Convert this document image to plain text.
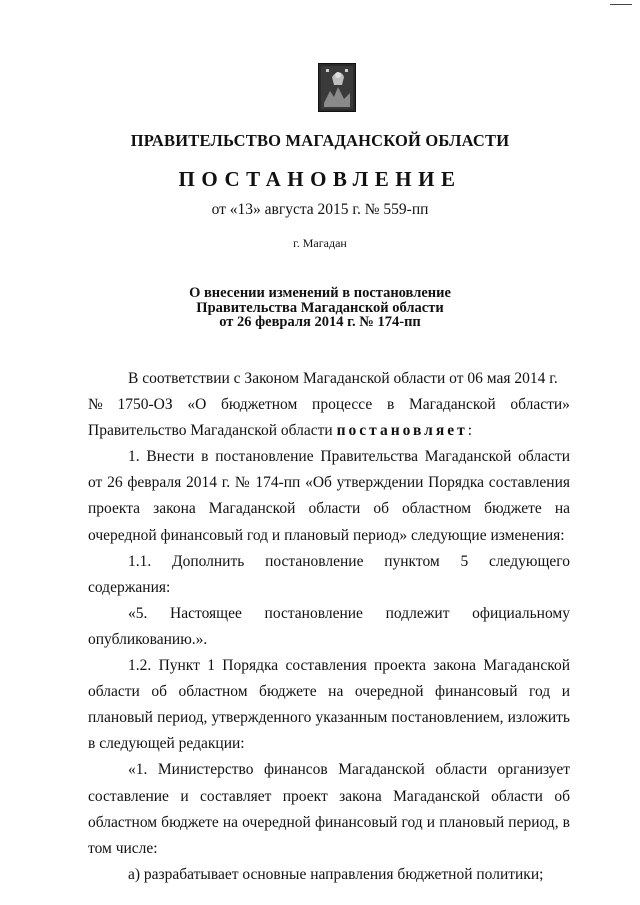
ПРАВИТЕЛЬСТВО МАГАДАНСКОЙ ОБЛАСТИ
ПОСТАНОВЛЕНИЕ
от «13» августа 2015 г. № 559-пп
г. Магадан
О внесении изменений в постановление
Правительства Магаданской области
от 26 февраля 2014 г. № 174-пп

В соответствии с Законом Магаданской области от 06 мая 2014 г.

№ 1750-ОЗ «О бюджетном процессе в Магаданской области»

Правительство Магаданской области постановляет:

1. Внести в постановление Правительства Магаданской области от 26 февраля 2014 г. № 174-пп «Об утверждении Порядка составления проекта закона Магаданской области об областном бюджете на очередной финансовый год и плановый период» следующие изменения:

1.1. Дополнить постановление пунктом 5 следующего содержания:

«5. Настоящее постановление подлежит официальному

опубликованию.».

1.2. Пункт 1 Порядка составления проекта закона Магаданской области об областном бюджете на очередной финансовый год и плановый период, утвержденного указанным постановлением, изложить в следующей редакции:

«1. Министерство финансов Магаданской области организует составление и составляет проект закона Магаданской области об областном бюджете на очередной финансовый год и плановый период, в том числе:

а) разрабатывает основные направления бюджетной политики;
